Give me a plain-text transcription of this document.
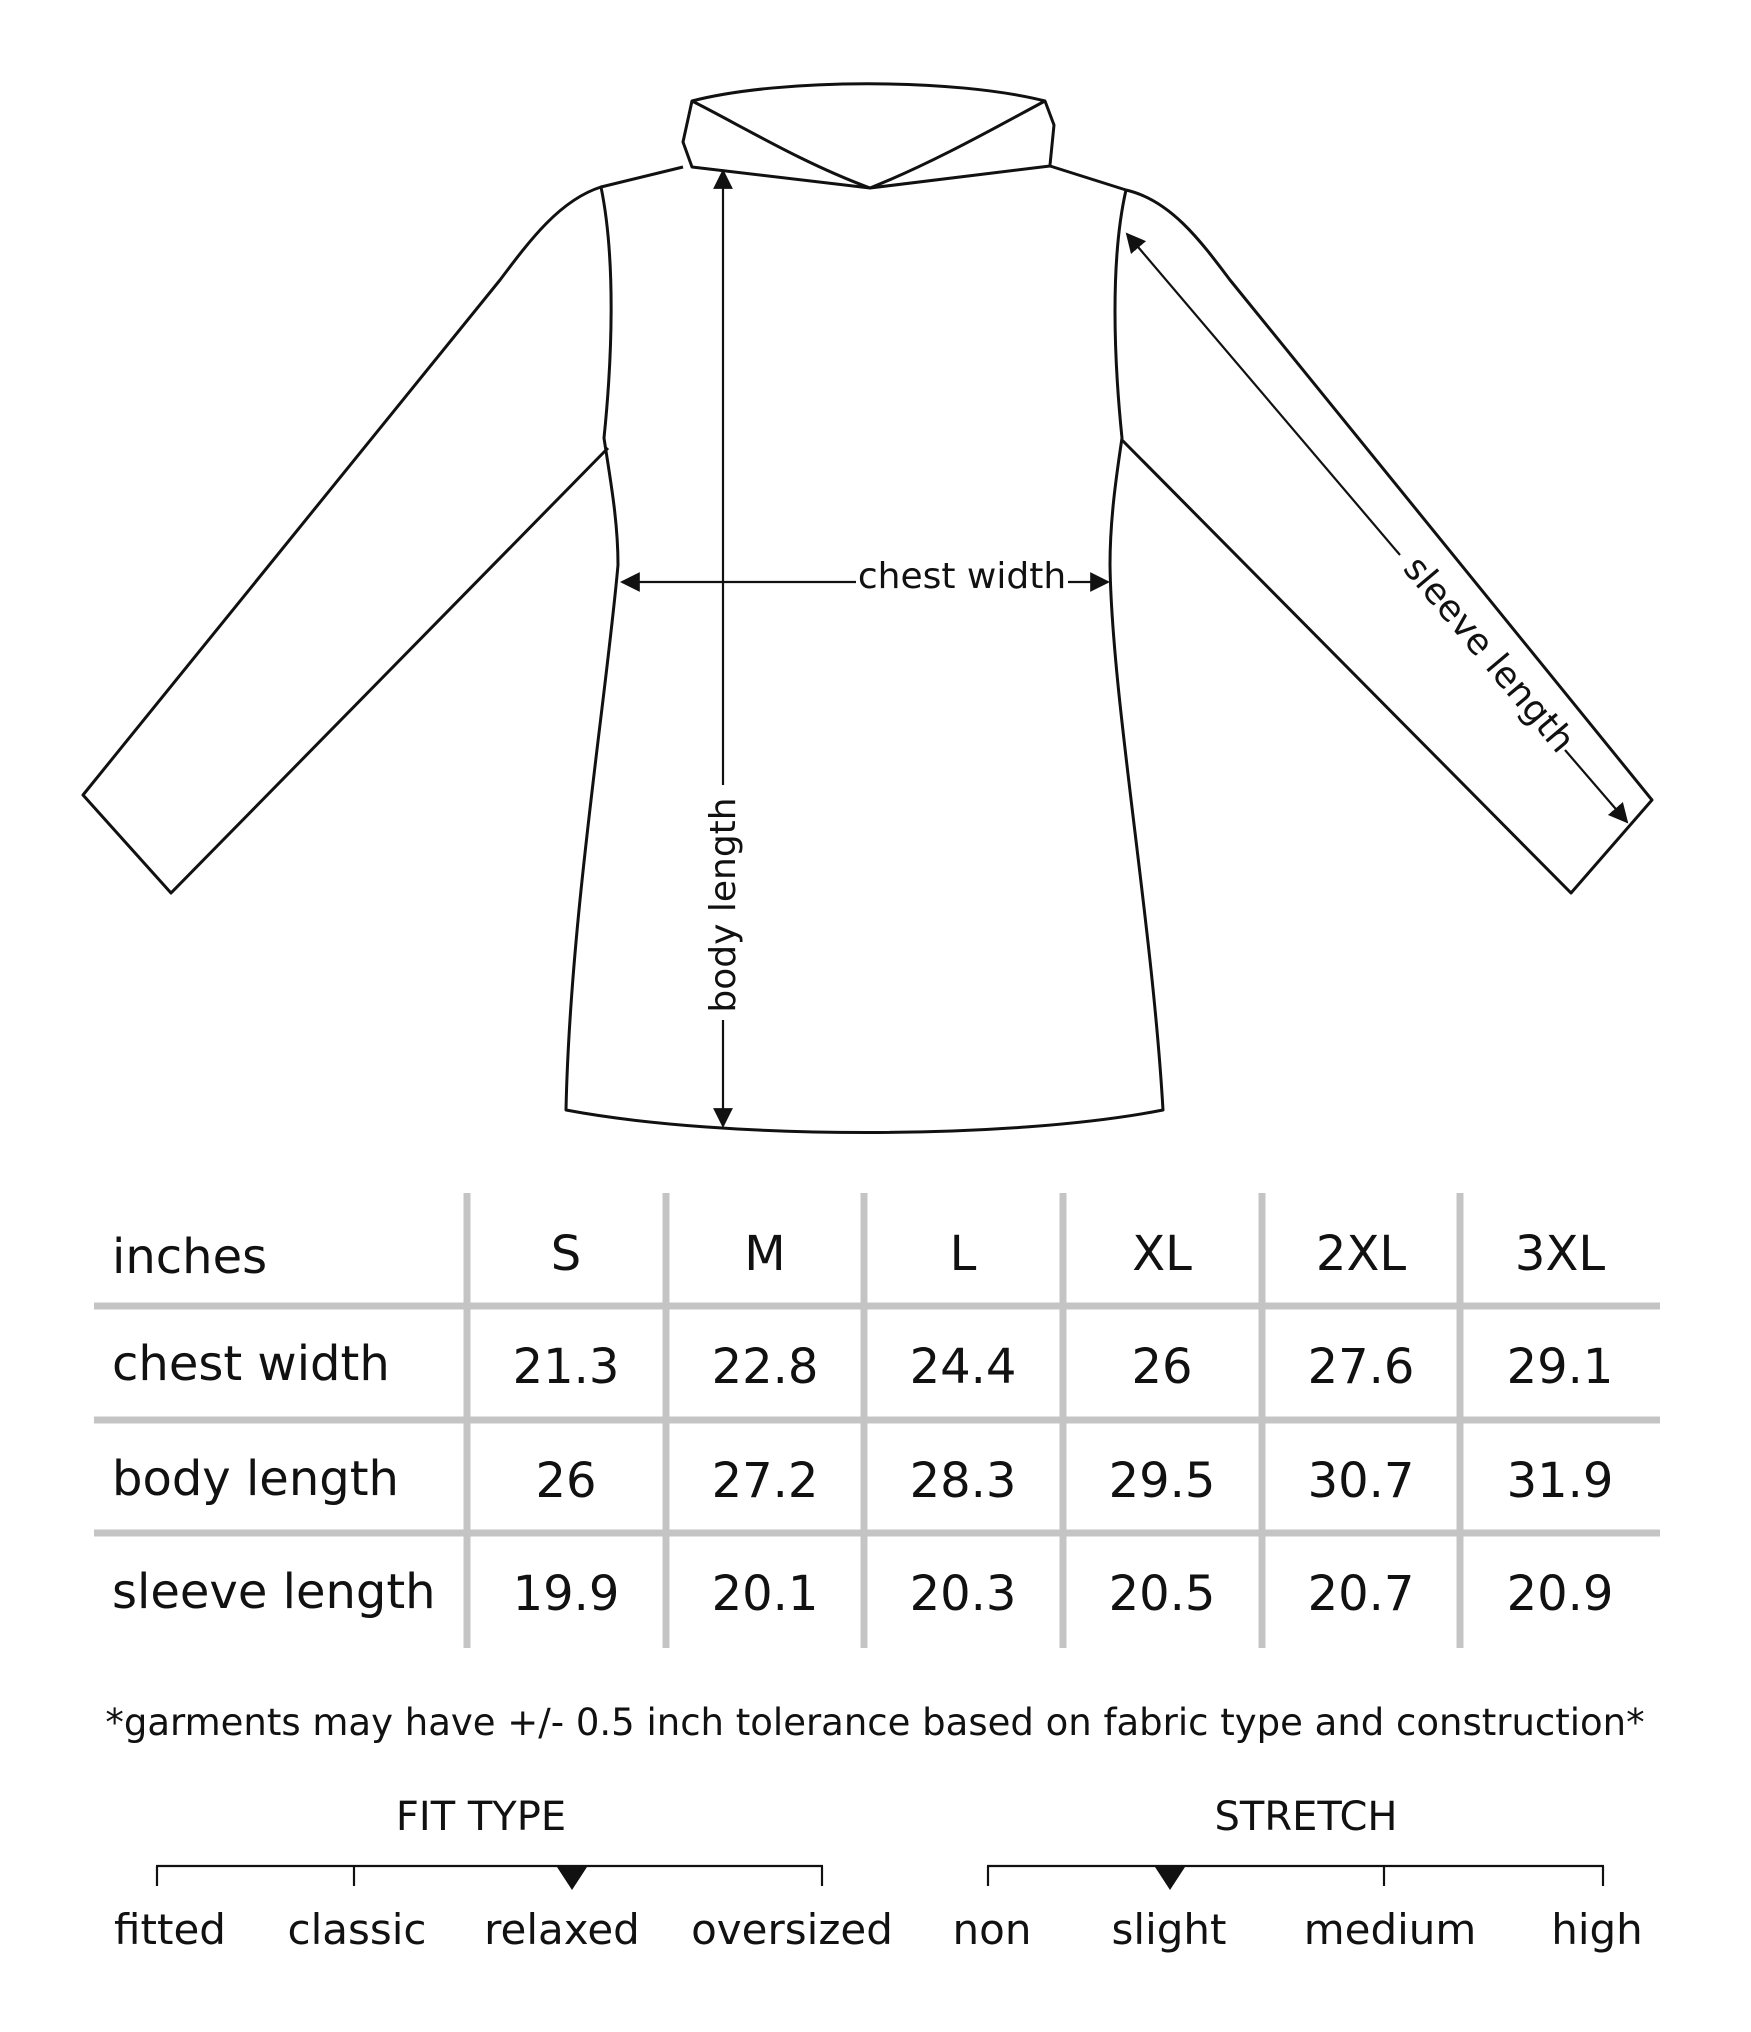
chest width
body length
sleeve length
inches	S	M	L	XL	2XL 3XL
chest width	21.3 22.8 24.4 26 27.6 29.1
body length	26 27.2 28.3 29.5 30.7 31.9
sleeve length 19.9 20.1 20.3 20.5 20.7 20.9
*garments may have +/- 0.5 inch tolerance based on fabric type and construction*
FIT TYPE
fitted classic relaxed oversized
STRETCH
non slight medium high
